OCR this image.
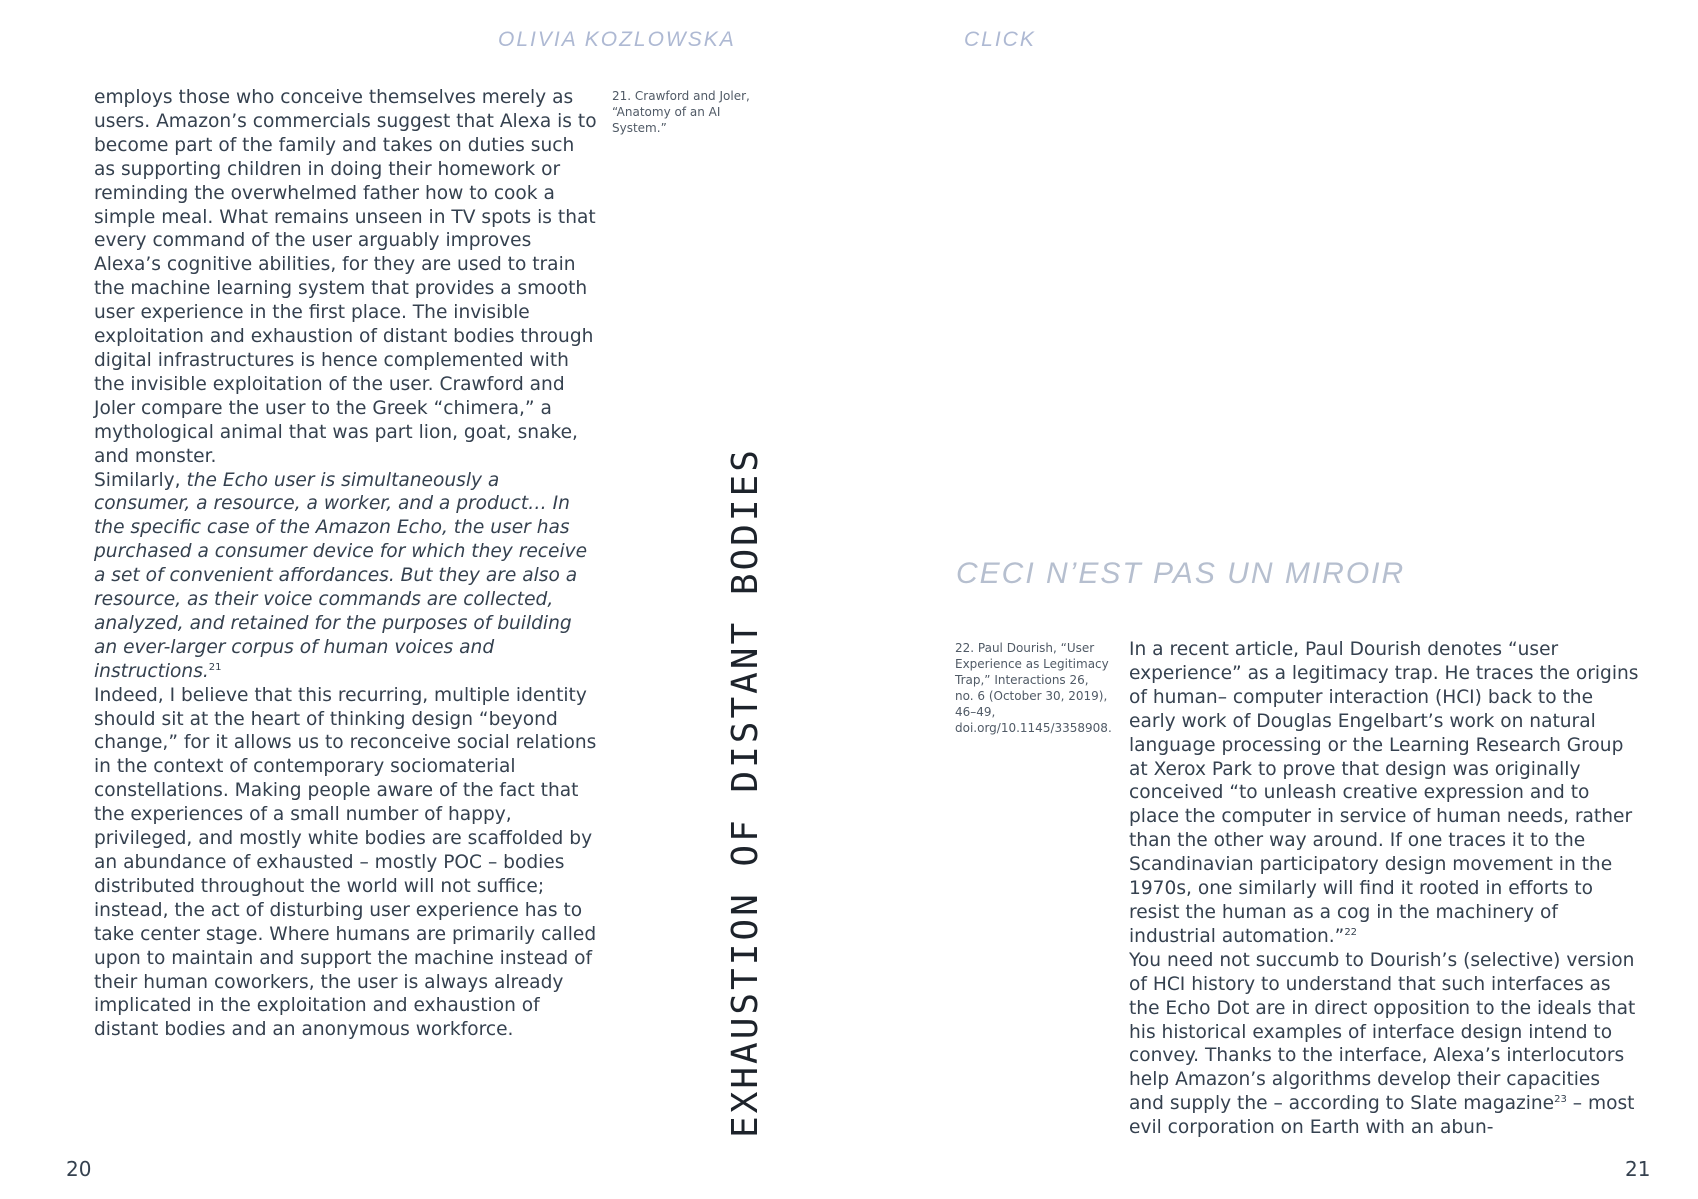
OLIVIA KOZLOWSKA	CLICK

employs those who conceive themselves merely as users. Amazon’s commercials suggest that Alexa is to become part of the family and takes on duties such as supporting children in doing their homework or reminding the overwhelmed father how to cook a simple meal. What remains unseen in TV spots is that every command of the user arguably improves Alexa’s cognitive abilities, for they are used to train the machine learning system that provides a smooth user experience in the first place. The invisible exploitation and exhaustion of distant bodies through digital infrastructures is hence complemented with the invisible exploitation of the user. Crawford and Joler compare the user to the Greek “chimera,” a mythological animal that was part lion, goat, snake, and monster.

Similarly, the Echo user is simultaneously a consumer, a resource, a worker, and a product… In the specific case of the Amazon Echo, the user has purchased a consumer device for which they receive a set of convenient affordances. But they are also a resource, as their voice commands are collected, analyzed, and retained for the purposes of building an ever-larger corpus of human voices and instructions.$^{21}$

Indeed, I believe that this recurring, multiple identity should sit at the heart of thinking design “beyond change,” for it allows us to reconceive social relations in the context of contemporary sociomaterial constellations. Making people aware of the fact that the experiences of a small number of happy, privileged, and mostly white bodies are scaffolded by an abundance of exhausted – mostly POC – bodies distributed throughout the world will not suffice; instead, the act of disturbing user experience has to take center stage. Where humans are primarily called upon to maintain and support the machine instead of their human coworkers, the user is always already implicated in the exploitation and exhaustion of distant bodies and an anonymous workforce.

21. Crawford and Joler, “Anatomy of an AI System.”
EXHAUSTION OF DISTANT BODIES	CECI N’EST PAS UN MIROIR
22. Paul Dourish, “User Experience as Legitimacy Trap,” Interactions 26, no. 6 (October 30, 2019), 46–49, doi.org/10.1145/3358908.

In a recent article, Paul Dourish denotes “user experience” as a legitimacy trap. He traces the origins of human– computer interaction (HCI) back to the early work of Douglas Engelbart’s work on natural language processing or the Learning Research Group at Xerox Park to prove that design was originally conceived “to unleash creative expression and to place the computer in service of human needs, rather than the other way around. If one traces it to the Scandinavian participatory design movement in the 1970s, one similarly will find it rooted in efforts to resist the human as a cog in the machinery of industrial automation.”$^{22}$

You need not succumb to Dourish’s (selective) version of HCI history to understand that such interfaces as the Echo Dot are in direct opposition to the ideals that his historical examples of interface design intend to convey. Thanks to the interface, Alexa’s interlocutors help Amazon’s algorithms develop their capacities and supply the – according to Slate magazine$^{23}$ – most evil corporation on Earth with an abun-

20	21
